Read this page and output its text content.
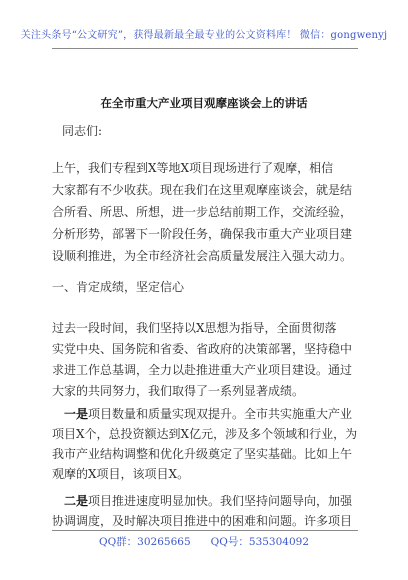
关注头条号“公文研究”，获得最新最全最专业的公文资料库！ 微信：gongwenyj
在全市重大产业项目观摩座谈会上的讲话
同志们:
上午，我们专程到X等地X项目现场进行了观摩，相信
大家都有不少收获。现在我们在这里观摩座谈会，就是结
合所看、所思、所想，进一步总结前期工作，交流经验，
分析形势，部署下一阶段任务，确保我市重大产业项目建
设顺利推进，为全市经济社会高质量发展注入强大动力。
一、肯定成绩，坚定信心
过去一段时间，我们坚持以X思想为指导，全面贯彻落
实党中央、国务院和省委、省政府的决策部署，坚持稳中
求进工作总基调，全力以赴推进重大产业项目建设。通过
大家的共同努力，我们取得了一系列显著成绩。
 一是项目数量和质量实现双提升。全市共实施重大产业
项目X个，总投资额达到X亿元，涉及多个领域和行业，为
我市产业结构调整和优化升级奠定了坚实基础。比如上午
观摩的X项目，该项目X。
 二是项目推进速度明显加快。我们坚持问题导向，加强
协调调度，及时解决项目推进中的困难和问题。许多项目
QQ群：30265665 QQ号：535304092
